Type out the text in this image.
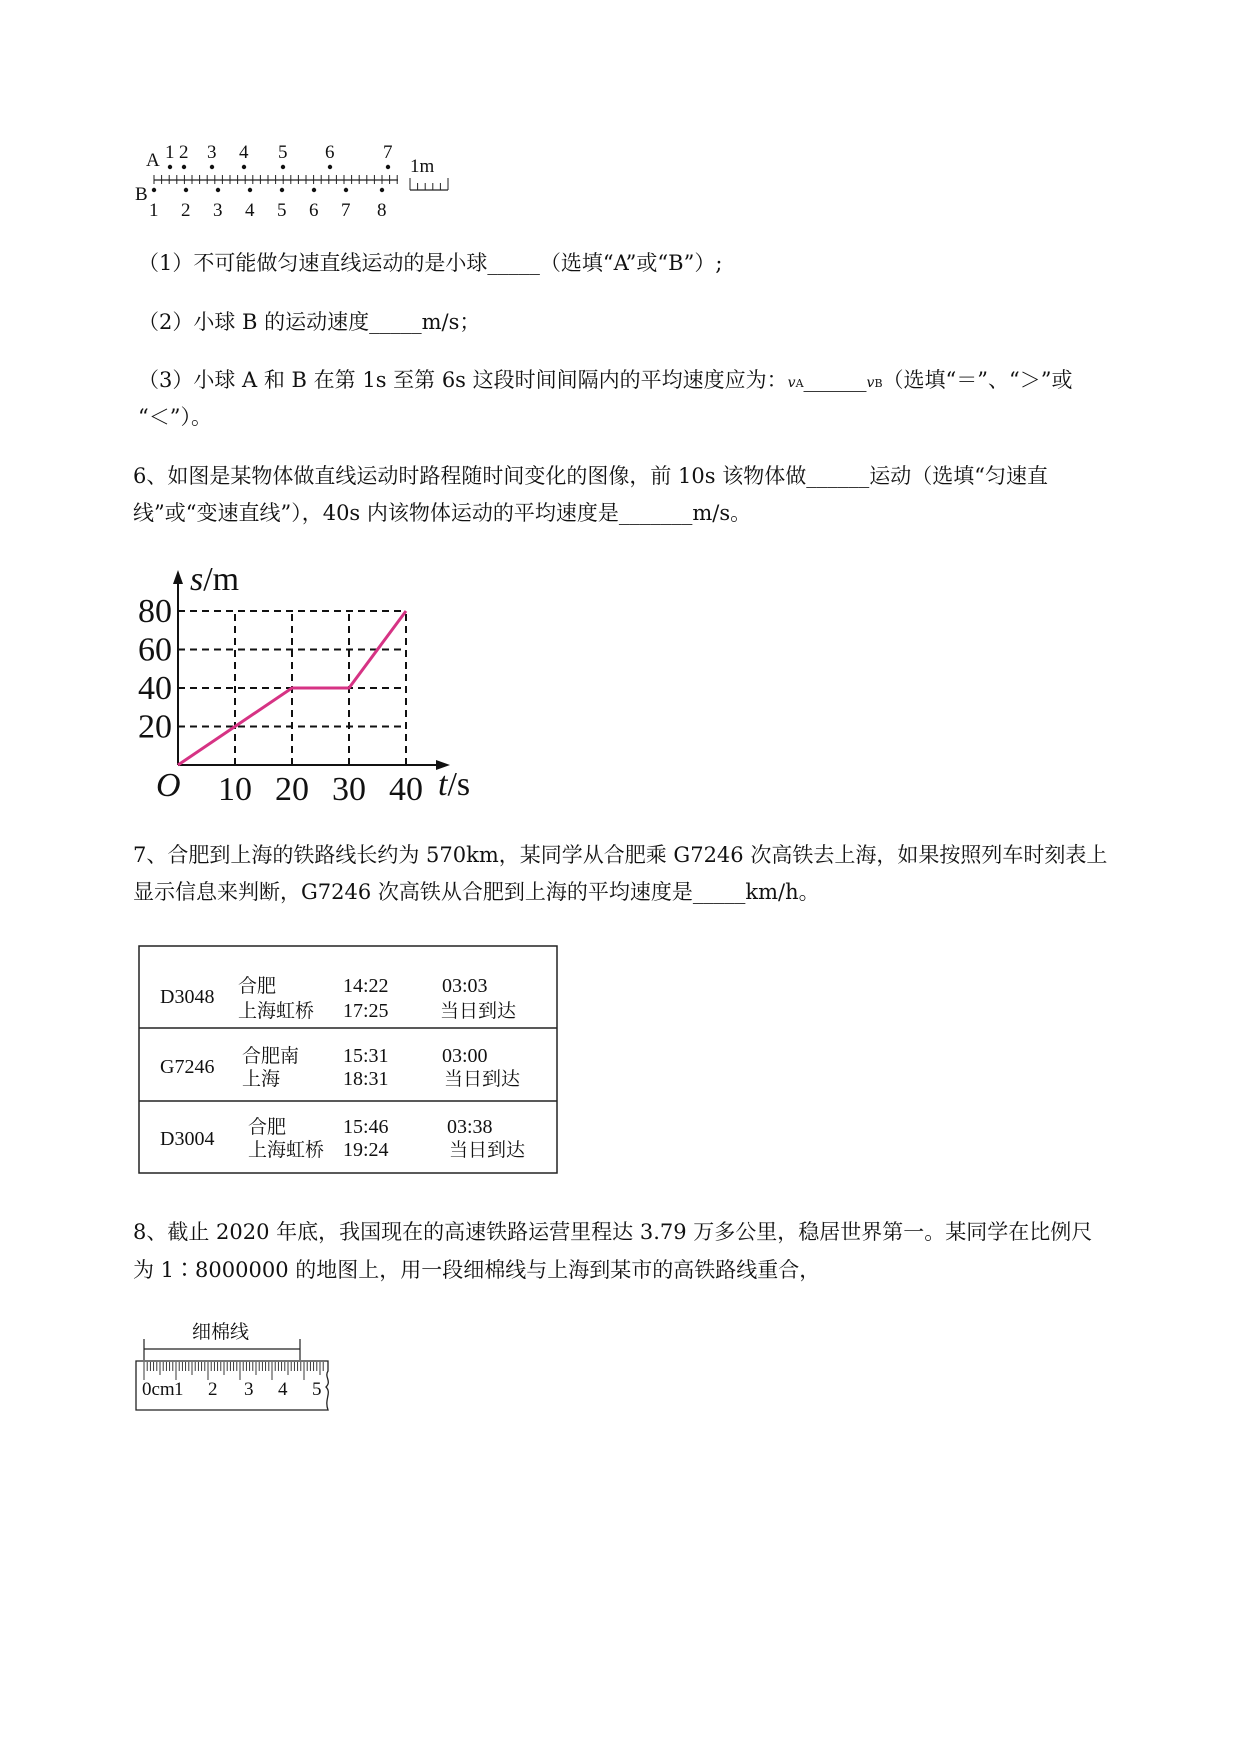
A
B
1 2 3 4 5 6	7
1 2 3 4 5 6 7 8
1m
（1）不可能做匀速直线运动的是小球_____（选填“A”或“B”）;
（2）小球 B 的运动速度_____m/s；
（3）小球 A 和 B 在第 1s 至第 6s 这段时间间隔内的平均速度应为：vA______vB（选填“＝”、“＞”或
“＜”）。
6、如图是某物体做直线运动时路程随时间变化的图像，前 10s 该物体做______运动（选填“匀速直
线”或“变速直线”），40s 内该物体运动的平均速度是_______m/s。
20
40
60
80
10 20 30 40
O
s/m
t/s
7、合肥到上海的铁路线长约为 570km，某同学从合肥乘 G7246 次高铁去上海，如果按照列车时刻表上
显示信息来判断，G7246 次高铁从合肥到上海的平均速度是_____km/h。
D3048 合肥
上海虹桥
14:22
17:25
03:03
当日到达
G7246 合肥南
上海
15:31
18:31
03:00
当日到达
D3004
合肥
上海虹桥
15:46
19:24
03:38
当日到达
8、截止 2020 年底，我国现在的高速铁路运营里程达 3.79 万多公里，稳居世界第一。某同学在比例尺
为 1∶8000000 的地图上，用一段细棉线与上海到某市的高铁路线重合，
细棉线
0cm 1 2 3 4 5
